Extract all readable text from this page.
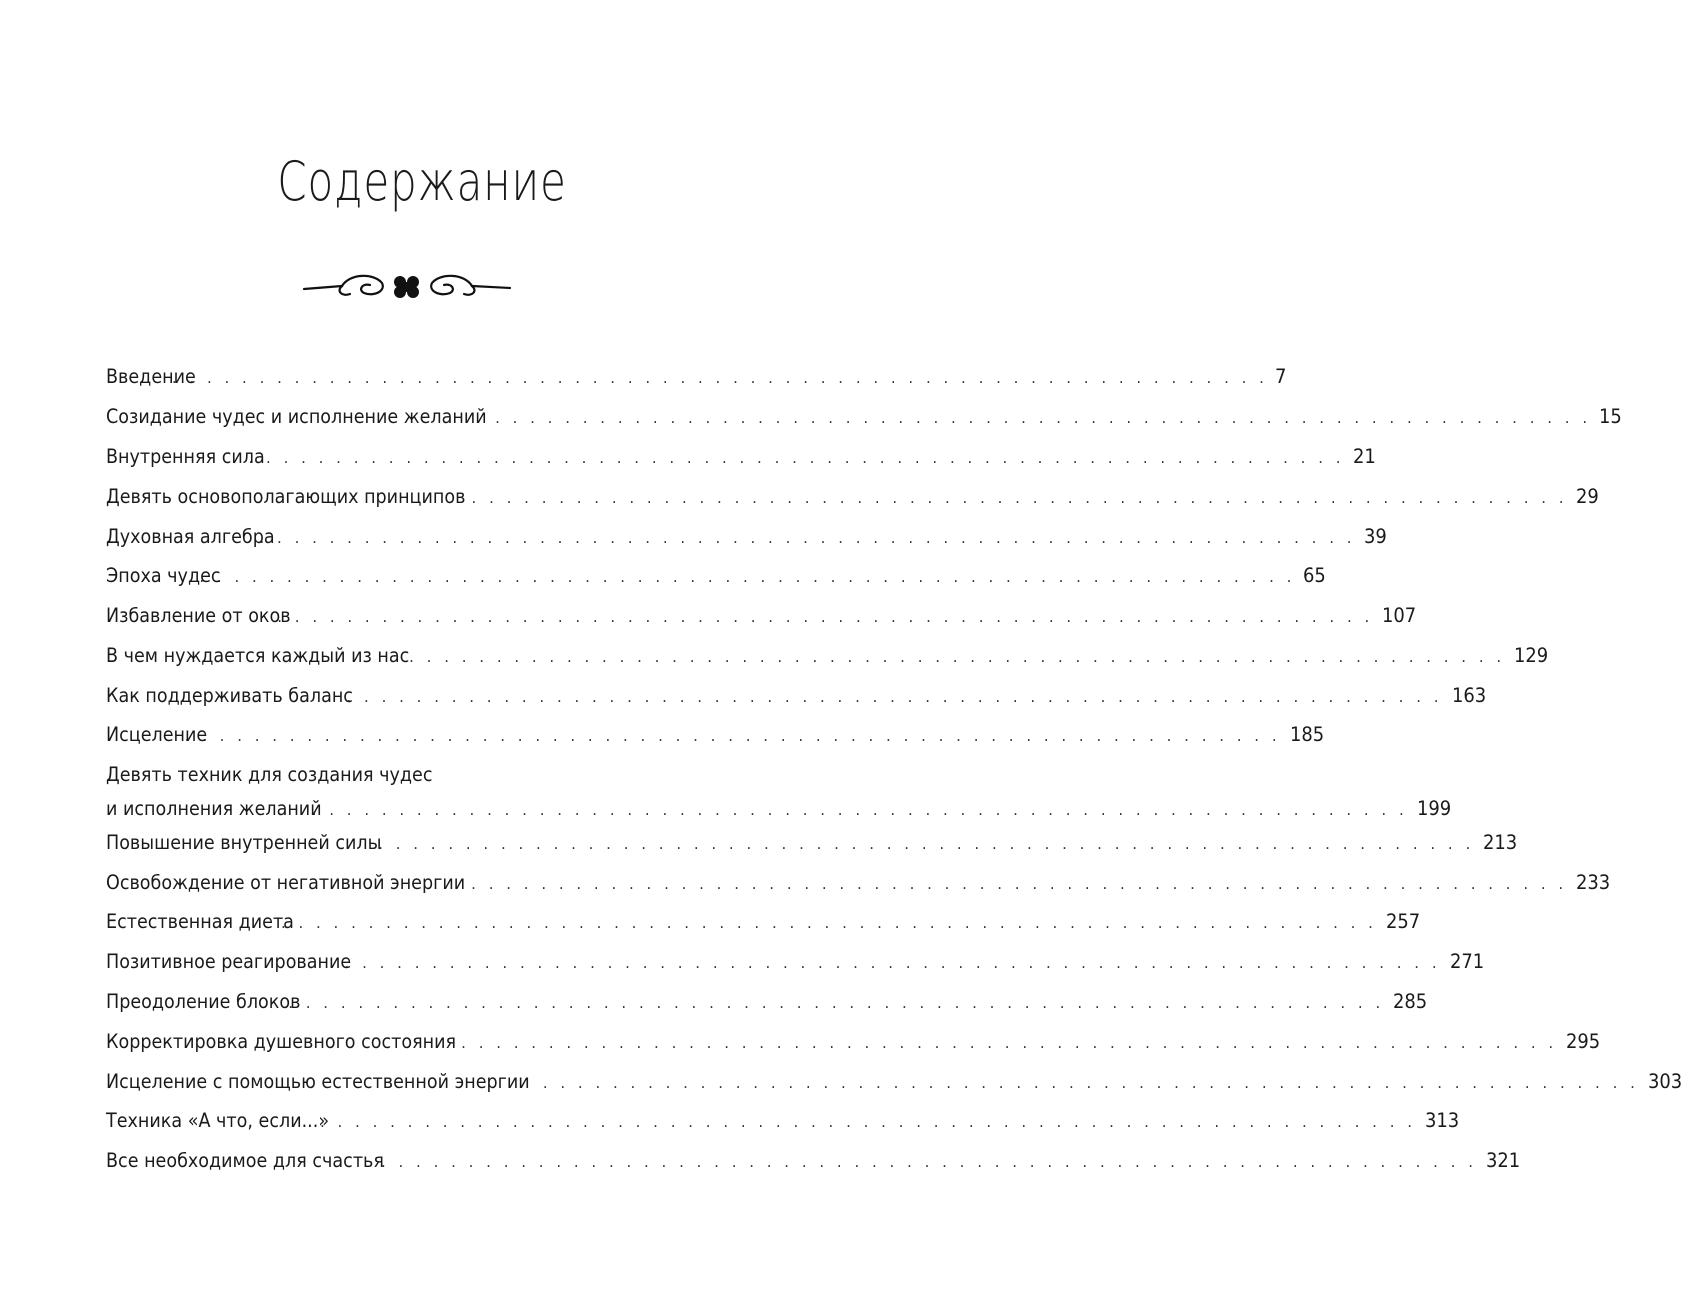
Содержание
Введение
. . . . . . . . . . . . . . . . . . . . . . . . . . . . . . . . . . . . . . . . . . . . . . . . . . . . . . . . . . . . . . . 7
Созидание чудес и исполнение желаний . . . . . . . . . . . . . . . . . . . . . . . . . . . . . . . . . . . . . . . . . . . . . . . . . . . . . . . . . . . . . . . 15
Внутренняя сила
. . . . . . . . . . . . . . . . . . . . . . . . . . . . . . . . . . . . . . . . . . . . . . . . . . . . . . . . . . . . . . . 21
Девять основополагающих принципов . . . . . . . . . . . . . . . . . . . . . . . . . . . . . . . . . . . . . . . . . . . . . . . . . . . . . . . . . . . . . . . 29
Духовная алгебра
. . . . . . . . . . . . . . . . . . . . . . . . . . . . . . . . . . . . . . . . . . . . . . . . . . . . . . . . . . . . . . . 39
Эпоха чудес
. . . . . . . . . . . . . . . . . . . . . . . . . . . . . . . . . . . . . . . . . . . . . . . . . . . . . . . . . . . . . . . 65
Избавление от оков
. . . . . . . . . . . . . . . . . . . . . . . . . . . . . . . . . . . . . . . . . . . . . . . . . . . . . . . . . . . . . . . 107
В чем нуждается каждый из нас . . . . . . . . . . . . . . . . . . . . . . . . . . . . . . . . . . . . . . . . . . . . . . . . . . . . . . . . . . . . . . . 129
Как поддерживать баланс
. . . . . . . . . . . . . . . . . . . . . . . . . . . . . . . . . . . . . . . . . . . . . . . . . . . . . . . . . . . . . . . 163
Исцеление
. . . . . . . . . . . . . . . . . . . . . . . . . . . . . . . . . . . . . . . . . . . . . . . . . . . . . . . . . . . . . . . 185
Девять техник для создания чудес
и исполнения желаний
. . . . . . . . . . . . . . . . . . . . . . . . . . . . . . . . . . . . . . . . . . . . . . . . . . . . . . . . . . . . . . . 199
Повышение внутренней силы
. . . . . . . . . . . . . . . . . . . . . . . . . . . . . . . . . . . . . . . . . . . . . . . . . . . . . . . . . . . . . . . 213
Освобождение от негативной энергии . . . . . . . . . . . . . . . . . . . . . . . . . . . . . . . . . . . . . . . . . . . . . . . . . . . . . . . . . . . . . . . 233
Естественная диета
. . . . . . . . . . . . . . . . . . . . . . . . . . . . . . . . . . . . . . . . . . . . . . . . . . . . . . . . . . . . . . . 257
Позитивное реагирование
. . . . . . . . . . . . . . . . . . . . . . . . . . . . . . . . . . . . . . . . . . . . . . . . . . . . . . . . . . . . . . . 271
Преодоление блоков
. . . . . . . . . . . . . . . . . . . . . . . . . . . . . . . . . . . . . . . . . . . . . . . . . . . . . . . . . . . . . . . 285
Корректировка душевного состояния . . . . . . . . . . . . . . . . . . . . . . . . . . . . . . . . . . . . . . . . . . . . . . . . . . . . . . . . . . . . . . . 295
Исцеление с помощью естественной энергии . . . . . . . . . . . . . . . . . . . . . . . . . . . . . . . . . . . . . . . . . . . . . . . . . . . . . . . . . . . . . . . 303
Техника «А что, если...»
. . . . . . . . . . . . . . . . . . . . . . . . . . . . . . . . . . . . . . . . . . . . . . . . . . . . . . . . . . . . . . . 313
Все необходимое для счастья
. . . . . . . . . . . . . . . . . . . . . . . . . . . . . . . . . . . . . . . . . . . . . . . . . . . . . . . . . . . . . . . 321
